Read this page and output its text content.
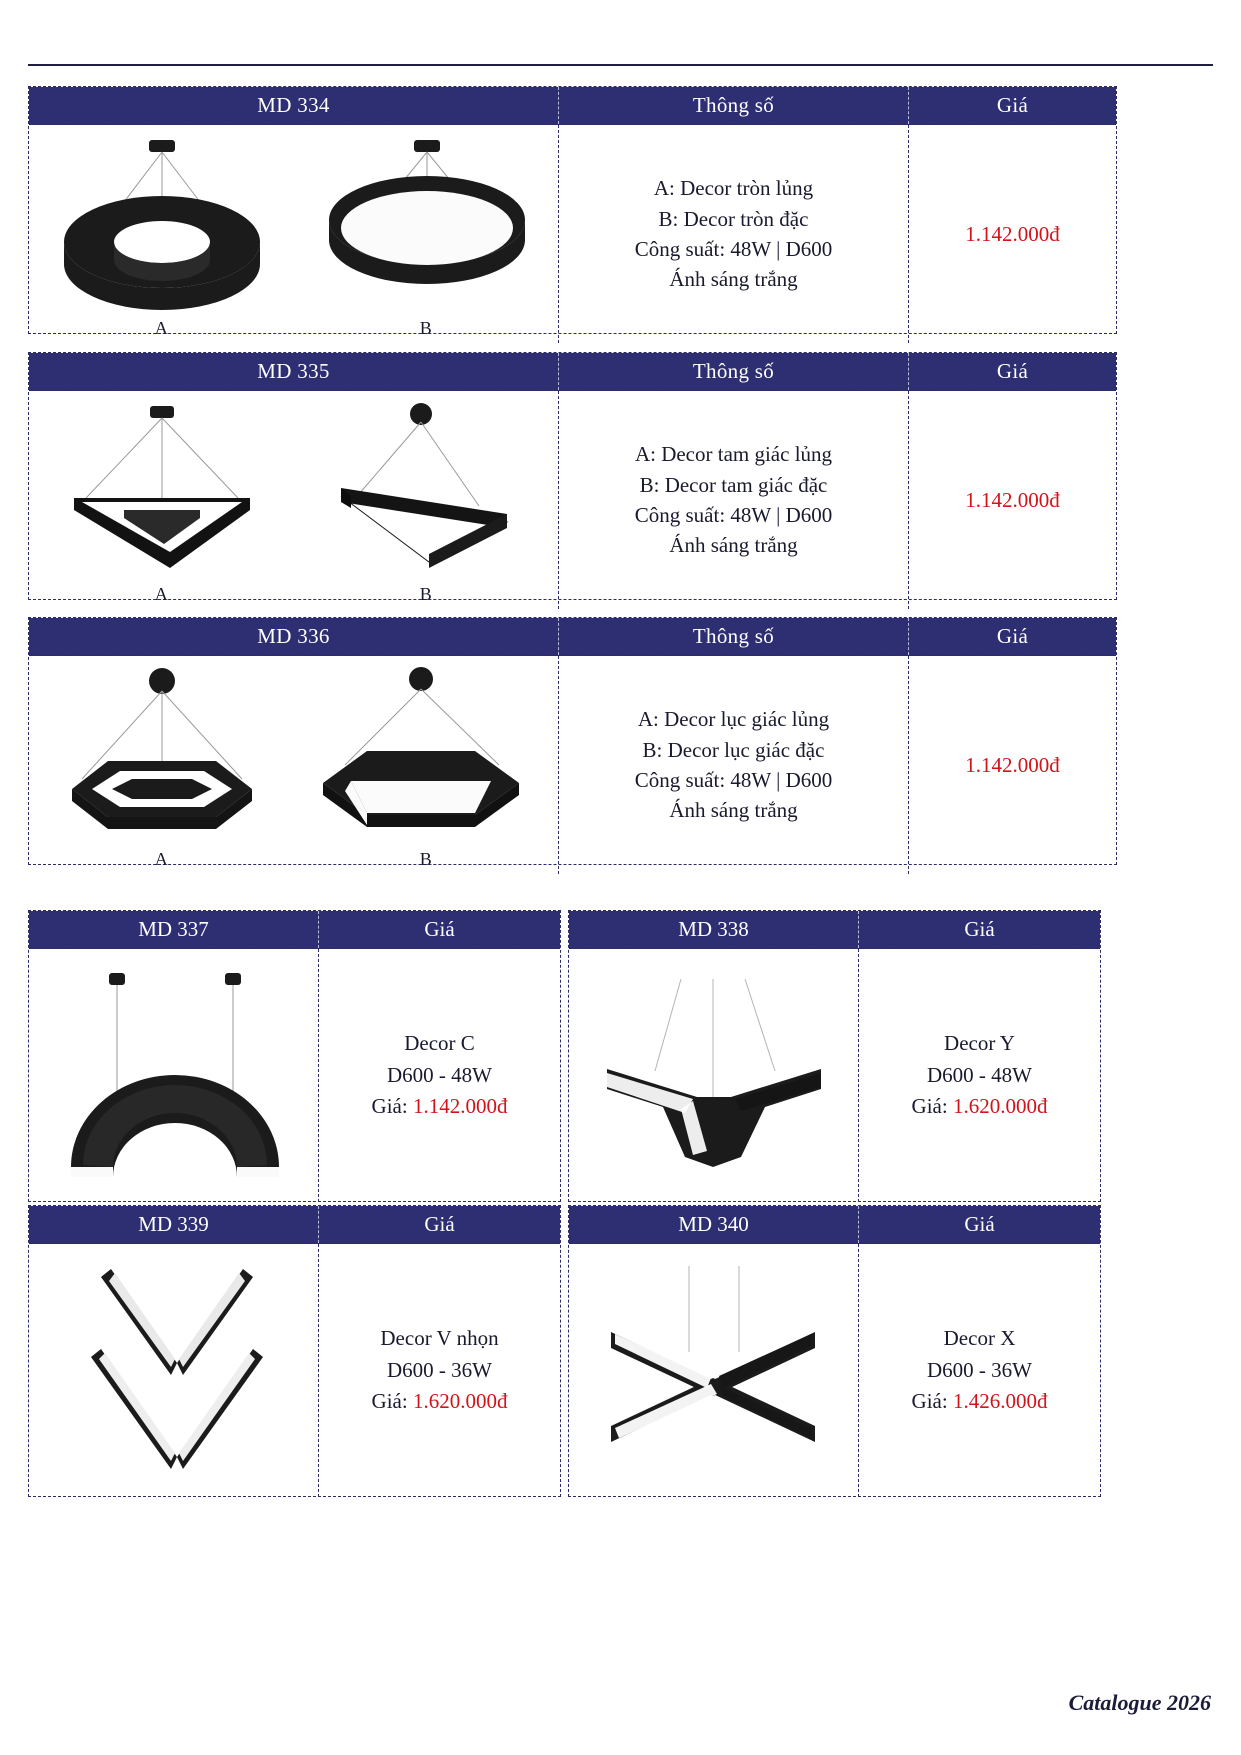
MD 334	Thông số	Giá
A	B
A: Decor tròn lủng
B: Decor tròn đặc
Công suất: 48W | D600
Ánh sáng trắng
1.142.000đ
MD 335	Thông số	Giá
A	B
A: Decor tam giác lủng
B: Decor tam giác đặc
Công suất: 48W | D600
Ánh sáng trắng
1.142.000đ
MD 336	Thông số	Giá
A	B
A: Decor lục giác lủng
B: Decor lục giác đặc
Công suất: 48W | D600
Ánh sáng trắng
1.142.000đ
MD 337	Giá
Decor C
D600 - 48W
Giá: 1.142.000đ
MD 338	Giá
Decor Y
D600 - 48W
Giá: 1.620.000đ
MD 339	Giá
Decor V nhọn
D600 - 36W
Giá: 1.620.000đ
MD 340	Giá
Decor X
D600 - 36W
Giá: 1.426.000đ
Catalogue 2026
